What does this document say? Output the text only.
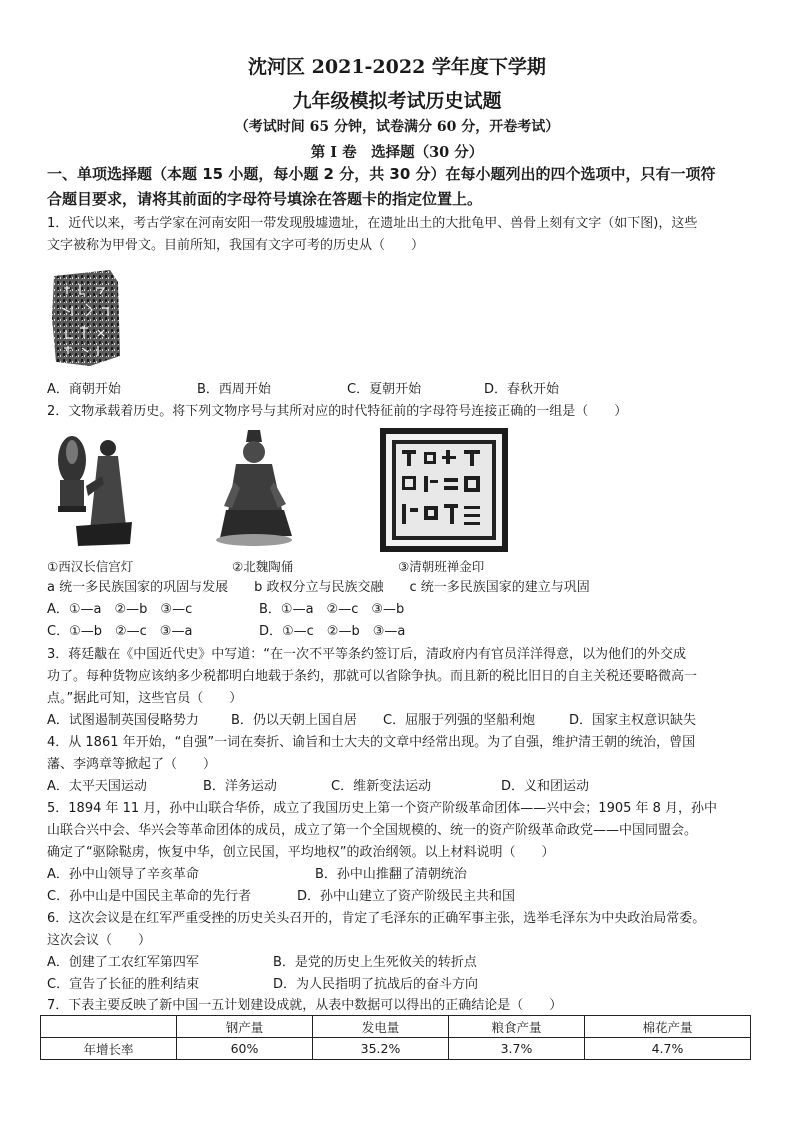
沈河区 2021-2022 学年度下学期
九年级模拟考试历史试题
（考试时间 65 分钟，试卷满分 60 分，开卷考试）
第 I 卷　选择题（30 分）
一、单项选择题（本题 15 小题，每小题 2 分，共 30 分）在每小题列出的四个选项中，只有一项符
合题目要求，请将其前面的字母符号填涂在答题卡的指定位置上。
1．近代以来，考古学家在河南安阳一带发现殷墟遗址，在遗址出土的大批龟甲、兽骨上刻有文字（如下图)，这些
文字被称为甲骨文。目前所知，我国有文字可考的历史从（　　）
A．商朝开始	B．西周开始	C．夏朝开始	D．春秋开始
2．文物承载着历史。将下列文物序号与其所对应的时代特征前的字母符号连接正确的一组是（　　）
①西汉长信宫灯	②北魏陶俑	③清朝班禅金印
a 统一多民族国家的巩固与发展　　b 政权分立与民族交融　　c 统一多民族国家的建立与巩固
A．①—a　②—b　③—c	B．①—a　②—c　③—b
C．①—b　②—c　③—a	D．①—c　②—b　③—a
3．蒋廷黻在《中国近代史》中写道：“在一次不平等条约签订后，清政府内有官员洋洋得意，以为他们的外交成
功了。每种货物应该纳多少税都明白地载于条约，那就可以省除争执。而且新的税比旧日的自主关税还要略微高一
点。”据此可知，这些官员（　　）
A．试图遏制英国侵略势力 B．仍以天朝上国自居 C．屈服于列强的坚船利炮	D．国家主权意识缺失
4．从 1861 年开始，“自强”一词在奏折、谕旨和士大夫的文章中经常出现。为了自强，维护清王朝的统治，曾国
藩、李鸿章等掀起了（　　）
A．太平天国运动	B．洋务运动	C．维新变法运动	D．义和团运动
5．1894 年 11 月，孙中山联合华侨，成立了我国历史上第一个资产阶级革命团体——兴中会；1905 年 8 月，孙中
山联合兴中会、华兴会等革命团体的成员，成立了第一个全国规模的、统一的资产阶级革命政党——中国同盟会。
确定了“驱除鞑虏，恢复中华，创立民国，平均地权”的政治纲领。以上材料说明（　　）
A．孙中山领导了辛亥革命	B．孙中山推翻了清朝统治
C．孙中山是中国民主革命的先行者	D．孙中山建立了资产阶级民主共和国
6．这次会议是在红军严重受挫的历史关头召开的，肯定了毛泽东的正确军事主张，选举毛泽东为中央政治局常委。
这次会议（　　）
A．创建了工农红军第四军	B．是党的历史上生死攸关的转折点
C．宣告了长征的胜利结束	D．为人民指明了抗战后的奋斗方向
7．下表主要反映了新中国一五计划建设成就，从表中数据可以得出的正确结论是（　　）
	钢产量	发电量	粮食产量	棉花产量
年增长率	60%	35.2%	3.7%	4.7%
